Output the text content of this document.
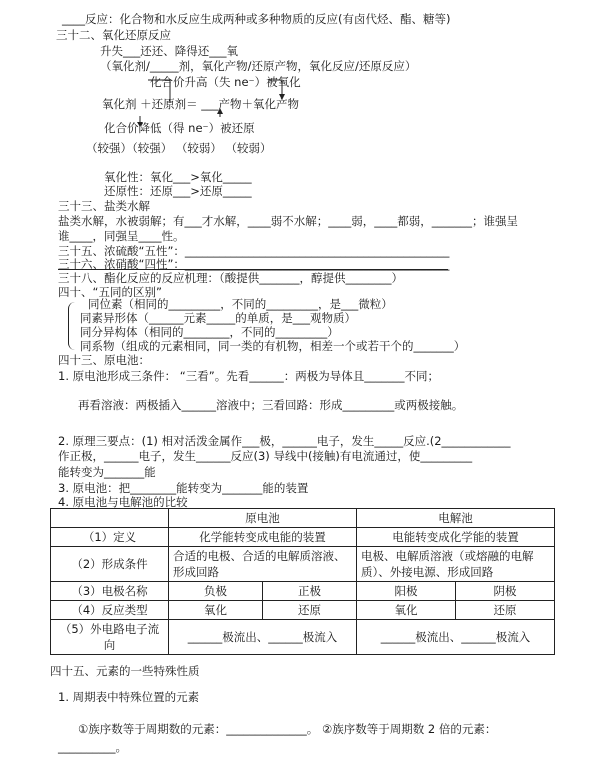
____反应：化合物和水反应生成两种或多种物质的反应(有卤代烃、酯、糖等)
三十二、氧化还原反应
升失___还还、降得还___氧
（氧化剂/_____剂，氧化产物/还原产物，氧化反应/还原反应）
化合价升高（失 ne⁻）被氧化
氧化剂 ＋还原剂＝ ___产物＋氧化产物
化合价降低（得 ne⁻）被还原
（较强）（较强） （较弱） （较弱）
氧化性：氧化___>氧化_____
还原性：还原___>还原_____
三十三、盐类水解
盐类水解，水被弱解；有___才水解，____弱不水解；____弱，____都弱，_______；谁强呈
谁____，同强呈____性。
三十五、浓硫酸“五性”：______________________________________________
三十六、浓硝酸“四性”：______________________________________________
三十八、酯化反应的反应机理：（酸提供_______，醇提供________）
四十、“五同的区别”
同位素（相同的_________，不同的_________，是___微粒）
同素异形体（______元素_____的单质，是___观物质）
同分异构体（相同的________，不同的_________）
同系物（组成的元素相同，同一类的有机物，相差一个或若干个的_______）
四十三、原电池：
1. 原电池形成三条件： “三看”。先看______：两极为导体且_______不同；
再看溶液：两极插入______溶液中；三看回路：形成_________或两极接触。
2. 原理三要点：(1) 相对活泼金属作___极，______电子，发生_____反应.(2____________
作正极，______电子，发生______反应(3) 导线中(接触)有电流通过，使_________
能转变为_______能
3. 原电池：把________能转变为_______能的装置
4. 原电池与电解池的比较
	原电池		电解池	
（1）定义	化学能转变成电能的装置		电能转变成化学能的装置	
（2）形成条件	合适的电极、合适的电解质溶液、形成回路		电极、电解质溶液（或熔融的电解质）、外接电源、形成回路	
（3）电极名称	负极	正极	阳极	阴极
（4）反应类型	氧化	还原	氧化	还原
（5）外电路电子流向	______极流出、______极流入		______极流出、______极流入	
四十五、元素的一些特殊性质
1. 周期表中特殊位置的元素
①族序数等于周期数的元素：______________。 ②族序数等于周期数 2 倍的元素：
__________。
